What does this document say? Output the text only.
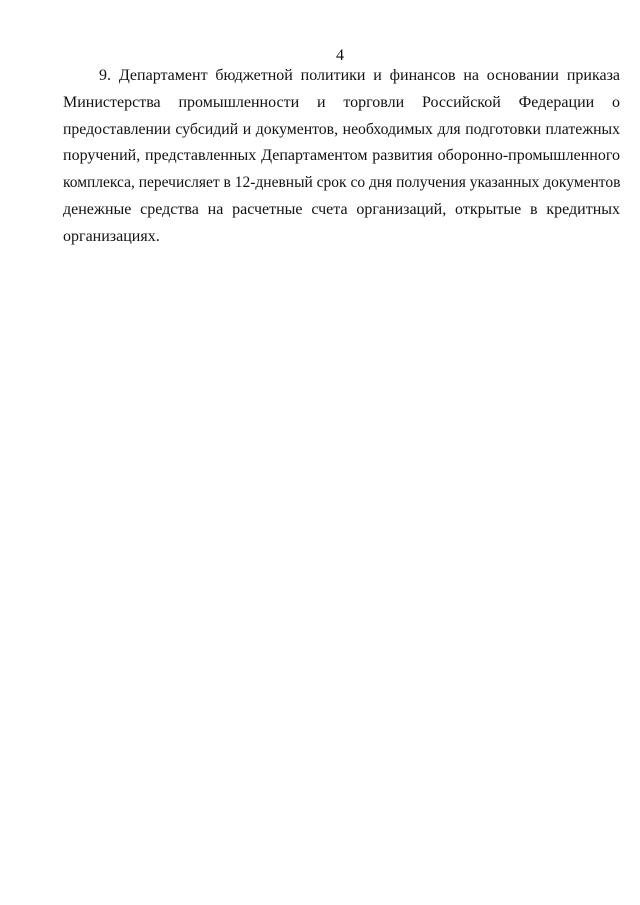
4
9. Департамент бюджетной политики и финансов на основании приказа
Министерства промышленности и торговли Российской Федерации о
предоставлении субсидий и документов, необходимых для подготовки платежных
поручений, представленных Департаментом развития оборонно-промышленного
комплекса, перечисляет в 12-дневный срок со дня получения указанных документов
денежные средства на расчетные счета организаций, открытые в кредитных
организациях.
